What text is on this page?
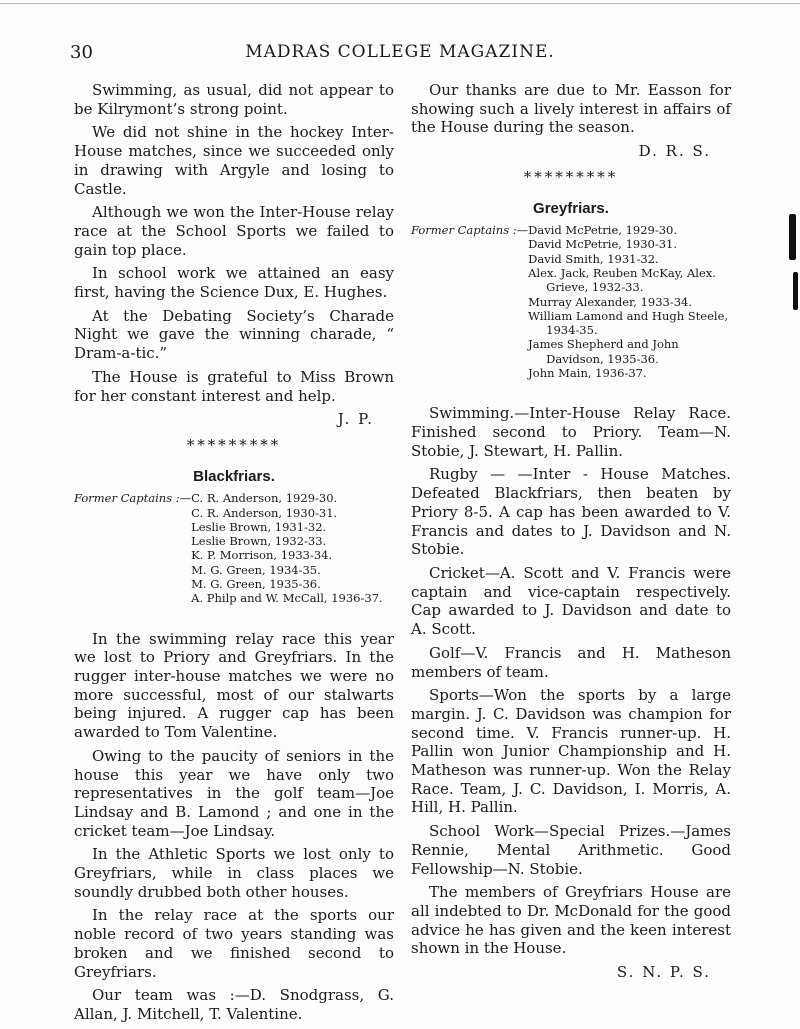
30	MADRAS COLLEGE MAGAZINE.

Swimming, as usual, did not appear to be Kilrymont’s strong point.

We did not shine in the hockey Inter-House matches, since we succeeded only in drawing with Argyle and losing to Castle.

Although we won the Inter-House relay race at the School Sports we failed to gain top place.

In school work we attained an easy first, having the Science Dux, E. Hughes.

At the Debating Society’s Charade Night we gave the winning charade, “ Dram-a-tic.”

The House is grateful to Miss Brown for her constant interest and help.

J. P.
*********
Blackfriars.
Former Captains :— C. R. Anderson, 1929-30.
C. R. Anderson, 1930-31.
Leslie Brown, 1931-32.
Leslie Brown, 1932-33.
K. P. Morrison, 1933-34.
M. G. Green, 1934-35.
M. G. Green, 1935-36.
A. Philp and W. McCall, 1936-37.

In the swimming relay race this year we lost to Priory and Greyfriars. In the rugger inter-house matches we were no more successful, most of our stalwarts being injured. A rugger cap has been awarded to Tom Valentine.

Owing to the paucity of seniors in the house this year we have only two representatives in the golf team—Joe Lindsay and B. Lamond ; and one in the cricket team—Joe Lindsay.

In the Athletic Sports we lost only to Greyfriars, while in class places we soundly drubbed both other houses.

In the relay race at the sports our noble record of two years standing was broken and we finished second to Greyfriars.

Our team was :—D. Snodgrass, G. Allan, J. Mitchell, T. Valentine.

Our thanks are due to Mr. Easson for showing such a lively interest in affairs of the House during the season.

D. R. S.
*********
Greyfriars.
Former Captains :— David McPetrie, 1929-30.
David McPetrie, 1930-31.
David Smith, 1931-32.
Alex. Jack, Reuben McKay, Alex. Grieve, 1932-33.
Murray Alexander, 1933-34.
William Lamond and Hugh Steele, 1934-35.
James Shepherd and John Davidson, 1935-36.
John Main, 1936-37.

Swimming.—Inter-House Relay Race. Finished second to Priory. Team—N. Stobie, J. Stewart, H. Pallin.

Rugby — —Inter - House Matches. Defeated Blackfriars, then beaten by Priory 8-5. A cap has been awarded to V. Francis and dates to J. Davidson and N. Stobie.

Cricket—A. Scott and V. Francis were captain and vice-captain respectively. Cap awarded to J. Davidson and date to A. Scott.

Golf—V. Francis and H. Matheson members of team.

Sports—Won the sports by a large margin. J. C. Davidson was champion for second time. V. Francis runner-up. H. Pallin won Junior Championship and H. Matheson was runner-up. Won the Relay Race. Team, J. C. Davidson, I. Morris, A. Hill, H. Pallin.

School Work—Special Prizes.—James Rennie, Mental Arithmetic. Good Fellowship—N. Stobie.

The members of Greyfriars House are all indebted to Dr. McDonald for the good advice he has given and the keen interest shown in the House.

S. N. P. S.
